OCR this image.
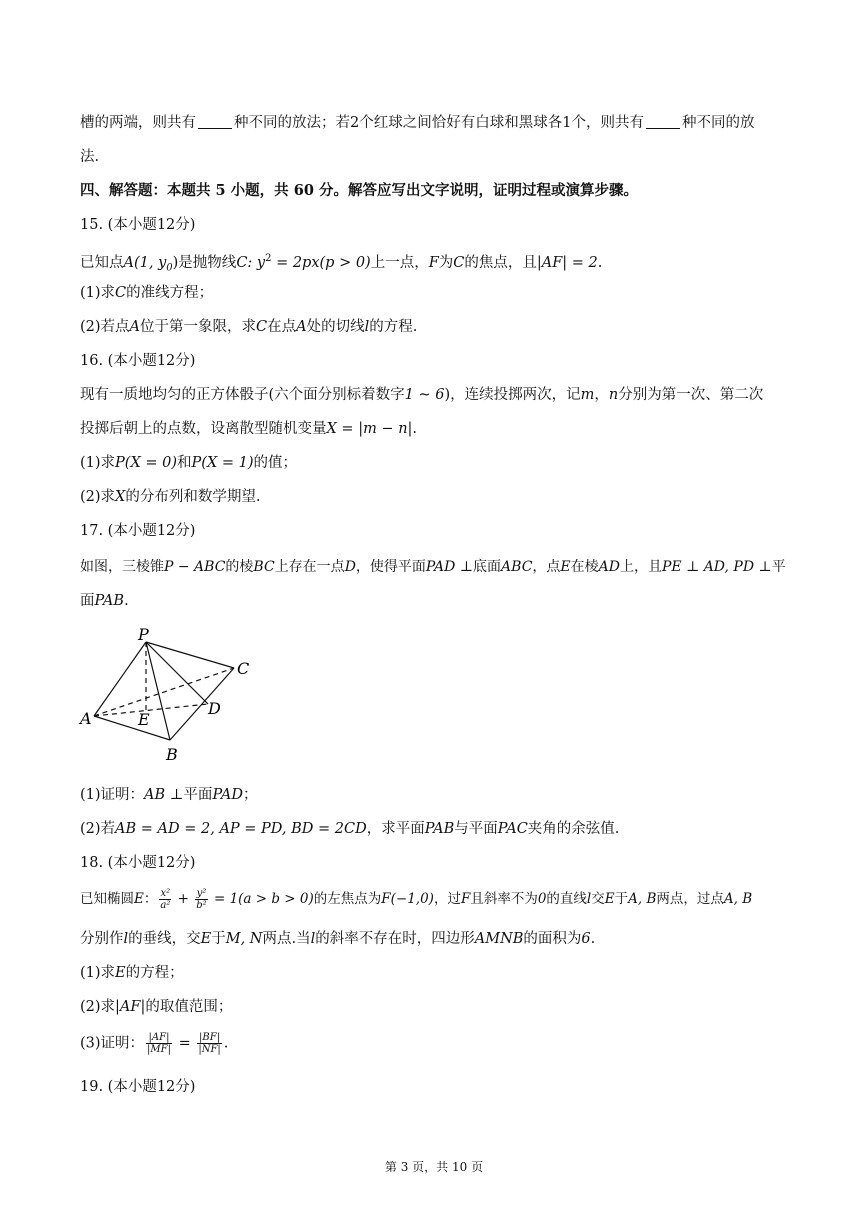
槽的两端，则共有	种不同的放法；若2个红球之间恰好有白球和黑球各1个，则共有	种不同的放
法.
四、解答题：本题共 5 小题，共 60 分。解答应写出文字说明，证明过程或演算步骤。
15. (本小题12分)
已知点A(1, $y_0$)是抛物线C: $y^2 = 2px(p > 0)$上一点，F为C的焦点，且|AF| = 2.
(1)求C的准线方程；
(2)若点A位于第一象限，求C在点A处的切线l的方程.
16. (本小题12分)
现有一质地均匀的正方体骰子(六个面分别标着数字1 ~ 6)，连续投掷两次，记m，n分别为第一次、第二次
投掷后朝上的点数，设离散型随机变量X = |m − n|.
(1)求P(X = 0)和P(X = 1)的值；
(2)求X的分布列和数学期望.
17. (本小题12分)
如图，三棱锥P − ABC的棱BC上存在一点D，使得平面PAD ⊥底面ABC，点E在棱AD上，且PE ⊥ AD, PD ⊥平
面PAB.
P
C
A	E
D
B
(1)证明：AB ⊥平面PAD；
(2)若AB = AD = 2, AP = PD, BD = 2CD，求平面PAB与平面PAC夹角的余弦值.
18. (本小题12分)
已知椭圆E： $\frac{\text{x²}}{\text{a²}} + \frac{\text{y²}}{\text{b²}} = 1(a > b > 0)$的左焦点为F(−1,0)，过F且斜率不为0的直线l交E于A, B两点，过点A, B
分别作l的垂线，交E于M, N两点.当l的斜率不存在时，四边形AMNB的面积为6.
(1)求E的方程；
(2)求|AF|的取值范围；
(3)证明： $\frac{|AF|}{|MF|} = \frac{|BF|}{|NF|}$ .
19. (本小题12分)
第 3 页，共 10 页
